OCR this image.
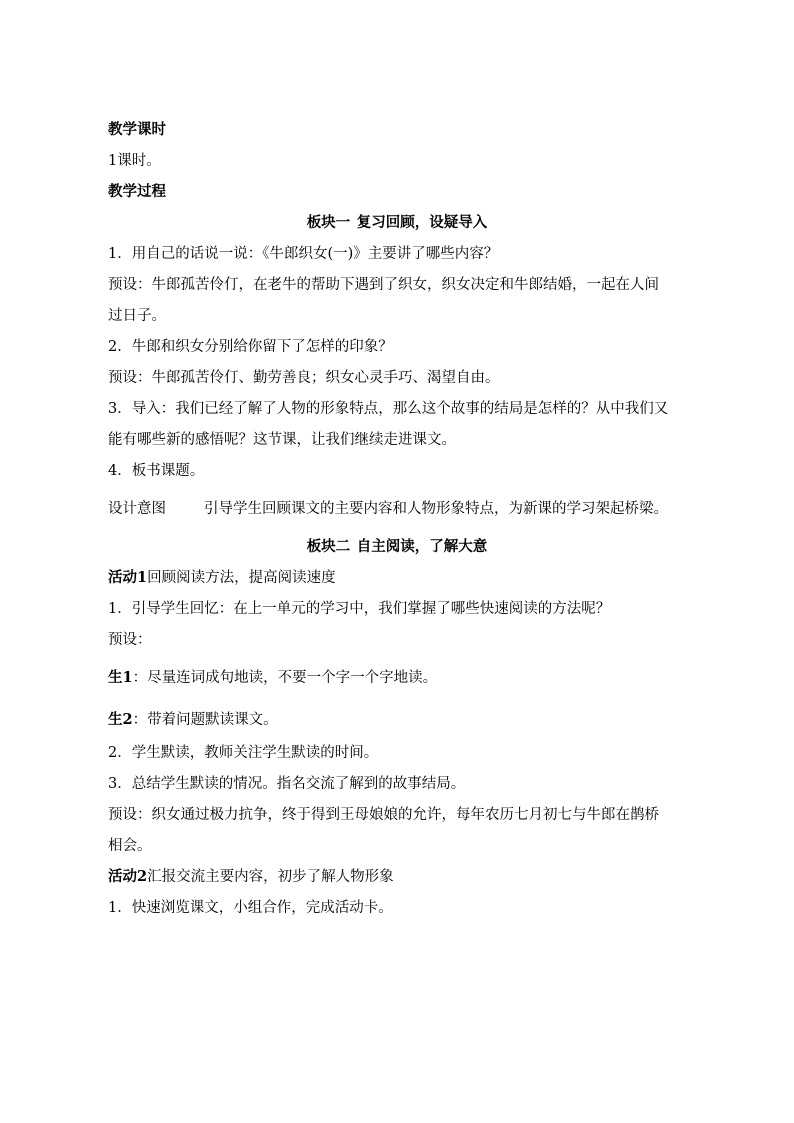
教学课时
1课时。
教学过程
板块一 复习回顾，设疑导入
1．用自己的话说一说：《牛郎织女(一)》主要讲了哪些内容？
预设：牛郎孤苦伶仃，在老牛的帮助下遇到了织女，织女决定和牛郎结婚，一起在人间
过日子。
2．牛郎和织女分别给你留下了怎样的印象？
预设：牛郎孤苦伶仃、勤劳善良；织女心灵手巧、渴望自由。
3．导入：我们已经了解了人物的形象特点，那么这个故事的结局是怎样的？从中我们又
能有哪些新的感悟呢？这节课，让我们继续走进课文。
4．板书课题。
设计意图	引导学生回顾课文的主要内容和人物形象特点，为新课的学习架起桥梁。
板块二 自主阅读，了解大意
活动1回顾阅读方法，提高阅读速度
1．引导学生回忆：在上一单元的学习中，我们掌握了哪些快速阅读的方法呢？
预设：
生1：尽量连词成句地读，不要一个字一个字地读。
生2：带着问题默读课文。
2．学生默读，教师关注学生默读的时间。
3．总结学生默读的情况。指名交流了解到的故事结局。
预设：织女通过极力抗争，终于得到王母娘娘的允许，每年农历七月初七与牛郎在鹊桥
相会。
活动2汇报交流主要内容，初步了解人物形象
1．快速浏览课文，小组合作，完成活动卡。
